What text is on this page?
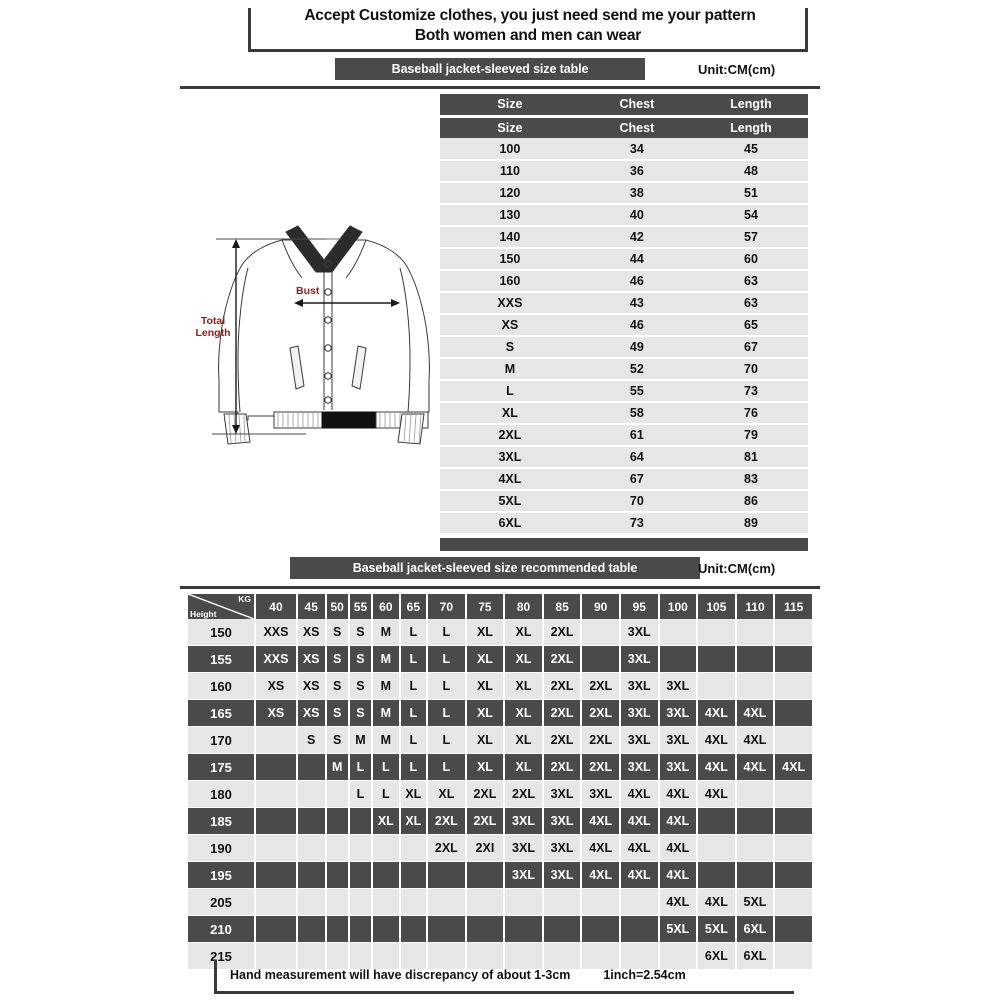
Accept Customize clothes, you just need send me your pattern
Both women and men can wear
Baseball jacket-sleeved size table	Unit:CM(cm)
Size	Chest	Length
Size	Chest	Length
100	34	45
110	36	48
120	38	51
130	40	54
140	42	57
150	44	60
160	46	63
XXS	43	63
XS	46	65
S	49	67
M	52	70
L	55	73
XL	58	76
2XL	61	79
3XL	64	81
4XL	67	83
5XL	70	86
6XL	73	89
Bust
Total
Length
Baseball jacket-sleeved size recommended table	Unit:CM(cm)
KG
Height	40	45	50	55	60	65	70	75	80	85	90	95	100	105	110	115
150	XXS	XS	S	S	M	L	L	XL	XL	2XL		3XL				
155	XXS	XS	S	S	M	L	L	XL	XL	2XL		3XL				
160	XS	XS	S	S	M	L	L	XL	XL	2XL	2XL	3XL	3XL			
165	XS	XS	S	S	M	L	L	XL	XL	2XL	2XL	3XL	3XL	4XL	4XL	
170		S	S	M	M	L	L	XL	XL	2XL	2XL	3XL	3XL	4XL	4XL	
175			M	L	L	L	L	XL	XL	2XL	2XL	3XL	3XL	4XL	4XL	4XL
180				L	L	XL	XL	2XL	2XL	3XL	3XL	4XL	4XL	4XL		
185					XL	XL	2XL	2XL	3XL	3XL	4XL	4XL	4XL			
190							2XL	2XI	3XL	3XL	4XL	4XL	4XL			
195									3XL	3XL	4XL	4XL	4XL			
205													4XL	4XL	5XL	
210													5XL	5XL	6XL	
215														6XL	6XL	
Hand measurement will have discrepancy of about 1-3cm	1inch=2.54cm
